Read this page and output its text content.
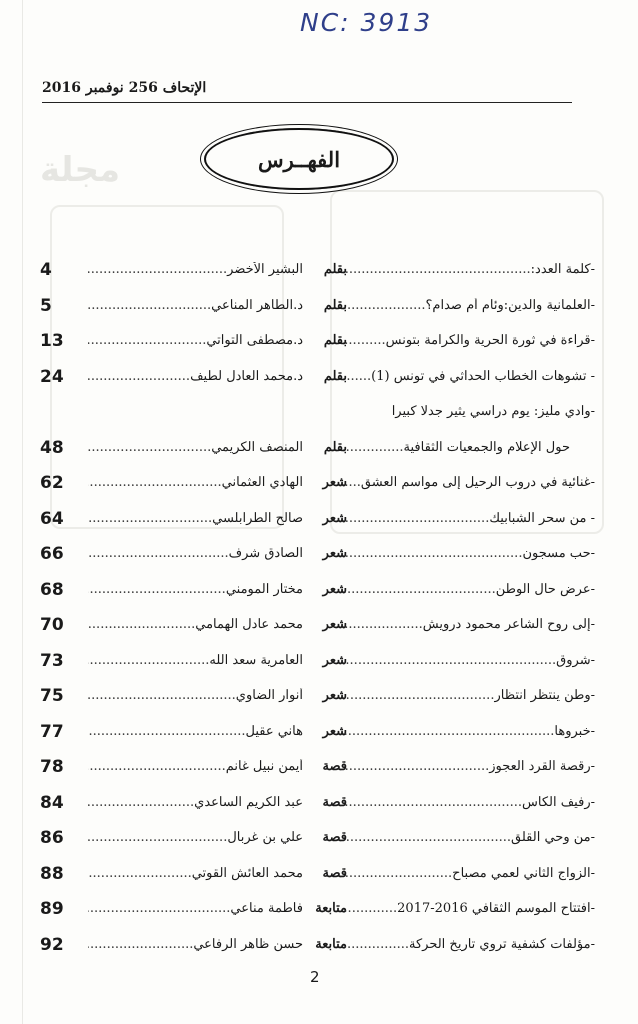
ﻣﺠﻠﺔ
NC: 3913
الإتحاف 256 نوفمبر 2016
الفهــرس
4	البشير الأخضر .....	بقلم	-كلمة العدد: .....
5	د.الطاهر المناعي .....	بقلم	-العلمانية والدين:وئام أم صدام؟ .....
13	د.مصطفى التواتي .....	بقلم	-قراءة في ثورة الحرية والكرامة بتونس .....
24	د.محمد العادل لطيف .....	بقلم	- تشوهات الخطاب الحداثي في تونس (1) .....
-وادي مليز: يوم دراسي يثير جدلا كبيرا
48	المنصف الكريمي .....	بقلم	حول الإعلام والجمعيات الثقافية .....
62	الهادي العثماني .....	شعر	-غنائية في دروب الرحيل إلى مواسم العشق .....
64	صالح الطرابلسي .....	شعر	- من سحر الشبابيك .....
66	الصادق شرف .....	شعر	-حب مسجون .....
68	مختار المومني .....	شعر	-عرض حال الوطن .....
70	محمد عادل الهمامي .....	شعر	-إلى روح الشاعر محمود درويش .....
73	العامرية سعد الله .....	شعر	-شروق .....
75	أنوار الضاوي .....	شعر	-وطن ينتظر انتظار .....
77	هاني عقيل .....	شعر	-خبروها .....
78	أيمن نبيل غانم .....	قصة	-رقصة القرد العجوز .....
84	عبد الكريم الساعدي .....	قصة	-رفيف الكأس .....
86	علي بن غربال .....	قصة	-من وحي القلق .....
88	محمد العائش القوتي .....	قصة	-الزواج الثاني لعمي مصباح .....
89	فاطمة مناعي ..... متابعة	-افتتاح الموسم الثقافي 2016-2017 .....
92	حسن ظاهر الرفاعي ..... متابعة	-مؤلفات كشفية تروي تاريخ الحركة .....
2
